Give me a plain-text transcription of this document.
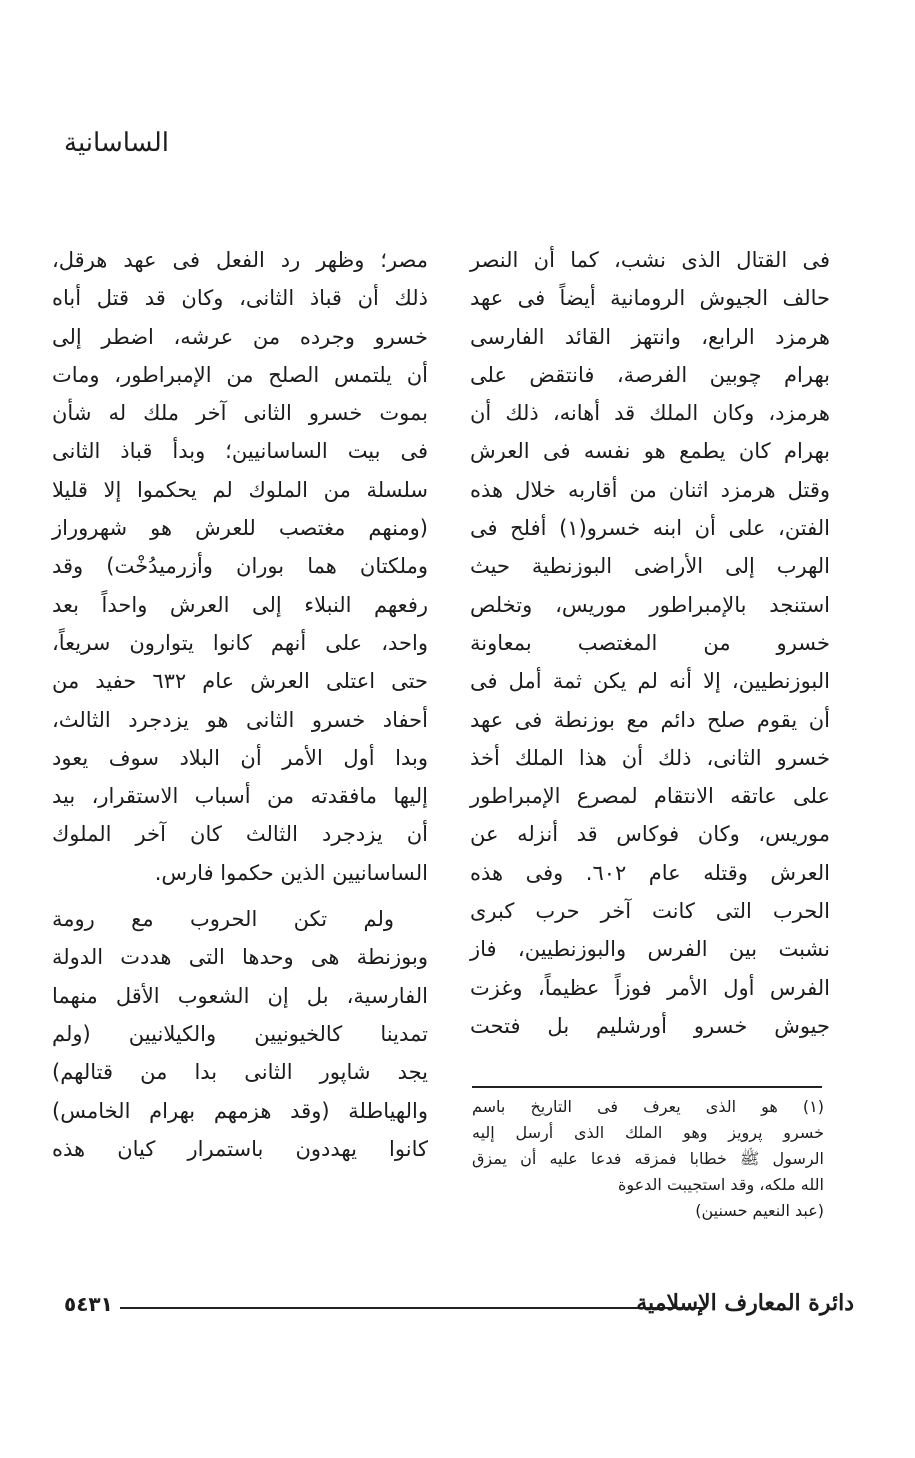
الساسانية

فى القتال الذى نشب، كما أن النصر
حالف الجيوش الرومانية أيضاً فى عهد
هرمزد الرابع، وانتهز القائد الفارسى
بهرام چوبين الفرصة، فانتقض على
هرمزد، وكان الملك قد أهانه، ذلك أن
بهرام كان يطمع هو نفسه فى العرش
وقتل هرمزد اثنان من أقاربه خلال هذه
الفتن، على أن ابنه خسرو(١) أفلح فى
الهرب إلى الأراضى البوزنطية حيث
استنجد بالإمبراطور موريس، وتخلص
خسرو من المغتصب بمعاونة
البوزنطيين، إلا أنه لم يكن ثمة أمل فى
أن يقوم صلح دائم مع بوزنطة فى عهد
خسرو الثانى، ذلك أن هذا الملك أخذ
على عاتقه الانتقام لمصرع الإمبراطور
موريس، وكان فوكاس قد أنزله عن
العرش وقتله عام ٦٠٢. وفى هذه
الحرب التى كانت آخر حرب كبرى
نشبت بين الفرس والبوزنطيين، فاز
الفرس أول الأمر فوزاً عظيماً، وغزت
جيوش خسرو أورشليم بل فتحت

مصر؛ وظهر رد الفعل فى عهد هرقل،
ذلك أن قباذ الثانى، وكان قد قتل أباه
خسرو وجرده من عرشه، اضطر إلى
أن يلتمس الصلح من الإمبراطور، ومات
بموت خسرو الثانى آخر ملك له شأن
فى بيت الساسانيين؛ وبدأ قباذ الثانى
سلسلة من الملوك لم يحكموا إلا قليلا
(ومنهم مغتصب للعرش هو شهروراز
وملكتان هما بوران وأزرميدُخْت) وقد
رفعهم النبلاء إلى العرش واحداً بعد
واحد، على أنهم كانوا يتوارون سريعاً،
حتى اعتلى العرش عام ٦٣٢ حفيد من
أحفاد خسرو الثانى هو يزدجرد الثالث،
وبدا أول الأمر أن البلاد سوف يعود
إليها مافقدته من أسباب الاستقرار، بيد
أن يزدجرد الثالث كان آخر الملوك
الساسانيين الذين حكموا فارس.

ولم تكن الحروب مع رومة
وبوزنطة هى وحدها التى هددت الدولة
الفارسية، بل إن الشعوب الأقل منهما
تمدينا كالخيونيين والكيلانيين (ولم
يجد شاپور الثانى بدا من قتالهم)
والهياطلة (وقد هزمهم بهرام الخامس)
كانوا يهددون باستمرار كيان هذه

(١) هو الذى يعرف فى التاريخ باسم
خسرو پرويز وهو الملك الذى أرسل إليه
الرسول ﷺ خطابا فمزقه فدعا عليه أن يمزق
الله ملكه، وقد استجيبت الدعوة
(عبد النعيم حسنين)
٥٤٣١	دائرة المعارف الإسلامية
